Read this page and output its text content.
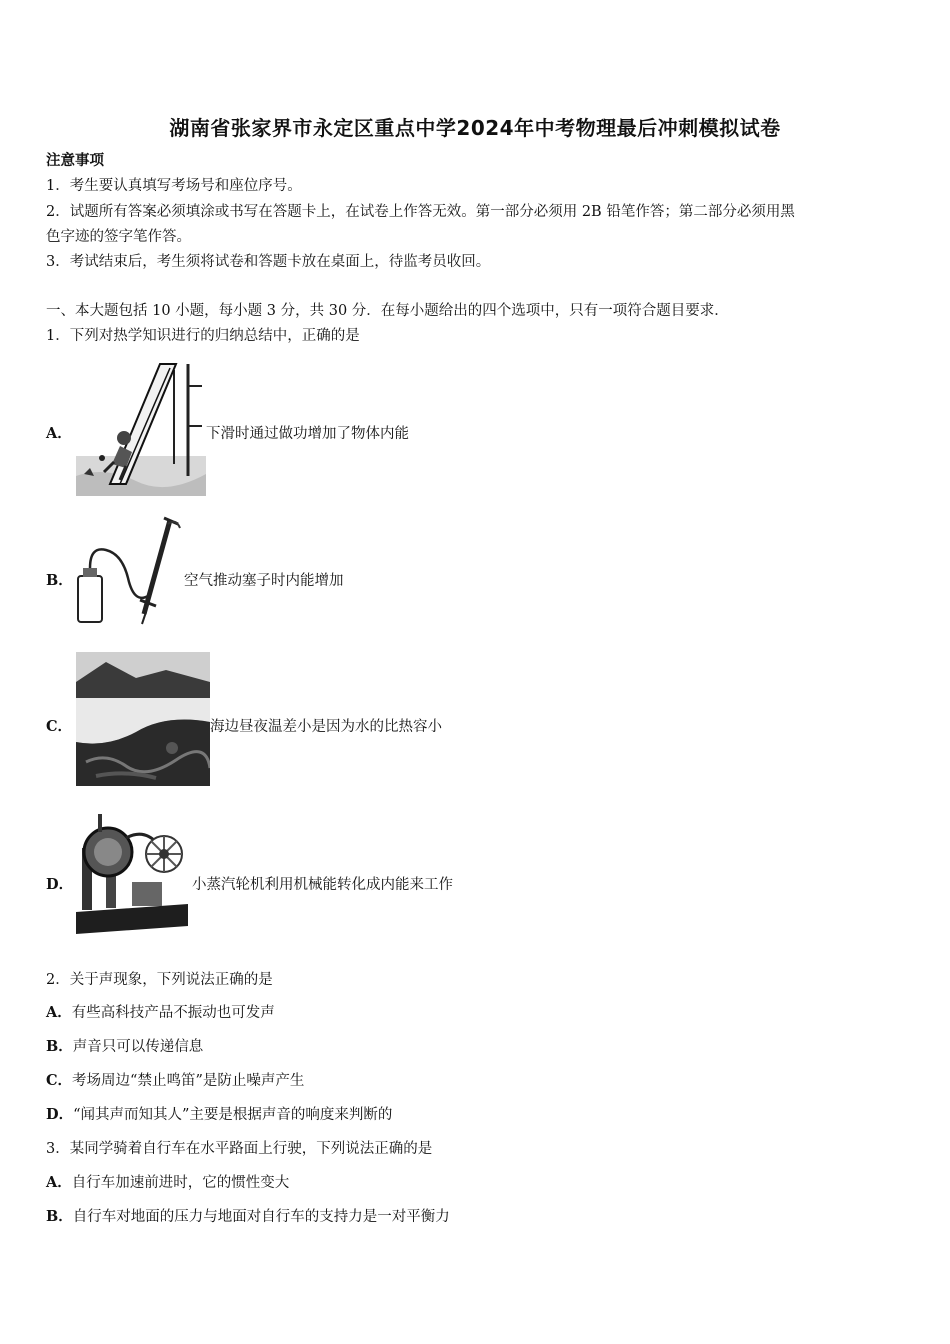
湖南省张家界市永定区重点中学2024年中考物理最后冲刺模拟试卷
注意事项
1．考生要认真填写考场号和座位序号。
2．试题所有答案必须填涂或书写在答题卡上，在试卷上作答无效。第一部分必须用 2B 铅笔作答；第二部分必须用黑
色字迹的签字笔作答。
3．考试结束后，考生须将试卷和答题卡放在桌面上，待监考员收回。
一、本大题包括 10 小题，每小题 3 分，共 30 分．在每小题给出的四个选项中，只有一项符合题目要求．
1．下列对热学知识进行的归纳总结中，正确的是
A．	下滑时通过做功增加了物体内能
B．	空气推动塞子时内能增加
C．	海边昼夜温差小是因为水的比热容小
D．	小蒸汽轮机利用机械能转化成内能来工作
2．关于声现象，下列说法正确的是
A．有些高科技产品不振动也可发声
B．声音只可以传递信息
C．考场周边“禁止鸣笛”是防止噪声产生
D．“闻其声而知其人”主要是根据声音的响度来判断的
3．某同学骑着自行车在水平路面上行驶，下列说法正确的是
A．自行车加速前进时，它的惯性变大
B．自行车对地面的压力与地面对自行车的支持力是一对平衡力
